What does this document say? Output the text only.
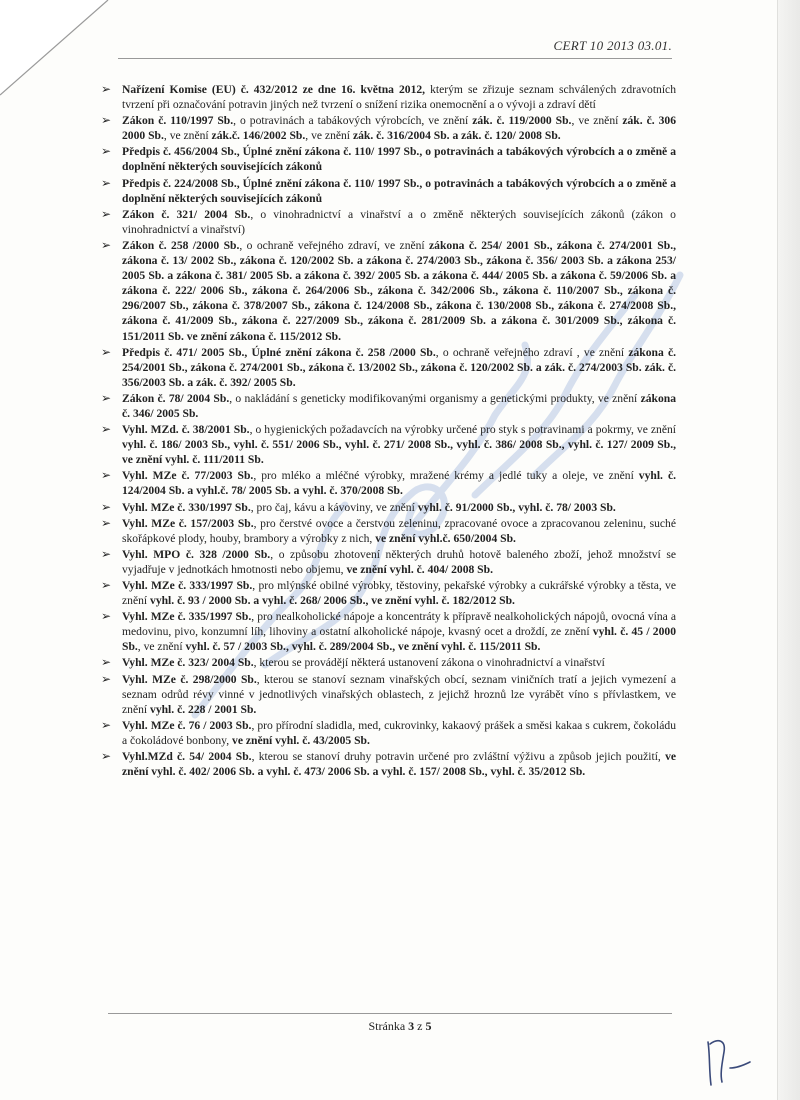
CERT 10 2013 03.01.
➢ Nařízení Komise (EU) č. 432/2012 ze dne 16. května 2012, kterým se zřizuje seznam schválených zdravotních tvrzení při označování potravin jiných než tvrzení o snížení rizika onemocnění a o vývoji a zdraví dětí
➢ Zákon č. 110/1997 Sb., o potravinách a tabákových výrobcích, ve znění zák. č. 119/2000 Sb., ve znění zák. č. 306 2000 Sb., ve znění zák.č. 146/2002 Sb., ve znění zák. č. 316/2004 Sb. a zák. č. 120/ 2008 Sb.
➢ Předpis č. 456/2004 Sb., Úplné znění zákona č. 110/ 1997 Sb., o potravinách a tabákových výrobcích a o změně a doplnění některých souvisejících zákonů
➢ Předpis č. 224/2008 Sb., Úplné znění zákona č. 110/ 1997 Sb., o potravinách a tabákových výrobcích a o změně a doplnění některých souvisejících zákonů
➢ Zákon č. 321/ 2004 Sb., o vinohradnictví a vinařství a o změně některých souvisejících zákonů (zákon o vinohradnictví a vinařství)
➢ Zákon č. 258 /2000 Sb., o ochraně veřejného zdraví, ve znění zákona č. 254/ 2001 Sb., zákona č. 274/2001 Sb., zákona č. 13/ 2002 Sb., zákona č. 120/2002 Sb. a zákona č. 274/2003 Sb., zákona č. 356/ 2003 Sb. a zákona 253/ 2005 Sb. a zákona č. 381/ 2005 Sb. a zákona č. 392/ 2005 Sb. a zákona č. 444/ 2005 Sb. a zákona č. 59/2006 Sb. a zákona č. 222/ 2006 Sb., zákona č. 264/2006 Sb., zákona č. 342/2006 Sb., zákona č. 110/2007 Sb., zákona č. 296/2007 Sb., zákona č. 378/2007 Sb., zákona č. 124/2008 Sb., zákona č. 130/2008 Sb., zákona č. 274/2008 Sb., zákona č. 41/2009 Sb., zákona č. 227/2009 Sb., zákona č. 281/2009 Sb. a zákona č. 301/2009 Sb., zákona č. 151/2011 Sb. ve znění zákona č. 115/2012 Sb.
➢ Předpis č. 471/ 2005 Sb., Úplné znění zákona č. 258 /2000 Sb., o ochraně veřejného zdraví , ve znění zákona č. 254/2001 Sb., zákona č. 274/2001 Sb., zákona č. 13/2002 Sb., zákona č. 120/2002 Sb. a zák. č. 274/2003 Sb. zák. č. 356/2003 Sb. a zák. č. 392/ 2005 Sb.
➢ Zákon č. 78/ 2004 Sb., o nakládání s geneticky modifikovanými organismy a genetickými produkty, ve znění zákona č. 346/ 2005 Sb.
➢ Vyhl. MZd. č. 38/2001 Sb., o hygienických požadavcích na výrobky určené pro styk s potravinami a pokrmy, ve znění vyhl. č. 186/ 2003 Sb., vyhl. č. 551/ 2006 Sb., vyhl. č. 271/ 2008 Sb., vyhl. č. 386/ 2008 Sb., vyhl. č. 127/ 2009 Sb., ve znění vyhl. č. 111/2011 Sb.
➢ Vyhl. MZe č. 77/2003 Sb., pro mléko a mléčné výrobky, mražené krémy a jedlé tuky a oleje, ve znění vyhl. č. 124/2004 Sb. a vyhl.č. 78/ 2005 Sb. a vyhl. č. 370/2008 Sb.
➢ Vyhl. MZe č. 330/1997 Sb., pro čaj, kávu a kávoviny, ve znění vyhl. č. 91/2000 Sb., vyhl. č. 78/ 2003 Sb.
➢ Vyhl. MZe č. 157/2003 Sb., pro čerstvé ovoce a čerstvou zeleninu, zpracované ovoce a zpracovanou zeleninu, suché skořápkové plody, houby, brambory a výrobky z nich, ve znění vyhl.č. 650/2004 Sb.
➢ Vyhl. MPO č. 328 /2000 Sb., o způsobu zhotovení některých druhů hotově baleného zboží, jehož množství se vyjadřuje v jednotkách hmotnosti nebo objemu, ve znění vyhl. č. 404/ 2008 Sb.
➢ Vyhl. MZe č. 333/1997 Sb., pro mlýnské obilné výrobky, těstoviny, pekařské výrobky a cukrářské výrobky a těsta, ve znění vyhl. č. 93 / 2000 Sb. a vyhl. č. 268/ 2006 Sb., ve znění vyhl. č. 182/2012 Sb.
➢ Vyhl. MZe č. 335/1997 Sb., pro nealkoholické nápoje a koncentráty k přípravě nealkoholických nápojů, ovocná vína a medovinu, pivo, konzumní líh, lihoviny a ostatní alkoholické nápoje, kvasný ocet a droždí, ze znění vyhl. č. 45 / 2000 Sb., ve znění vyhl. č. 57 / 2003 Sb., vyhl. č. 289/2004 Sb., ve znění vyhl. č. 115/2011 Sb.
➢ Vyhl. MZe č. 323/ 2004 Sb., kterou se provádějí některá ustanovení zákona o vinohradnictví a vinařství
➢ Vyhl. MZe č. 298/2000 Sb., kterou se stanoví seznam vinařských obcí, seznam viničních tratí a jejich vymezení a seznam odrůd révy vinné v jednotlivých vinařských oblastech, z jejichž hroznů lze vyrábět víno s přívlastkem, ve znění vyhl. č. 228 / 2001 Sb.
➢ Vyhl. MZe č. 76 / 2003 Sb., pro přírodní sladidla, med, cukrovinky, kakaový prášek a směsi kakaa s cukrem, čokoládu a čokoládové bonbony, ve znění vyhl. č. 43/2005 Sb.
➢ Vyhl.MZd č. 54/ 2004 Sb., kterou se stanoví druhy potravin určené pro zvláštní výživu a způsob jejich použití, ve znění vyhl. č. 402/ 2006 Sb. a vyhl. č. 473/ 2006 Sb. a vyhl. č. 157/ 2008 Sb., vyhl. č. 35/2012 Sb.
Stránka 3 z 5
